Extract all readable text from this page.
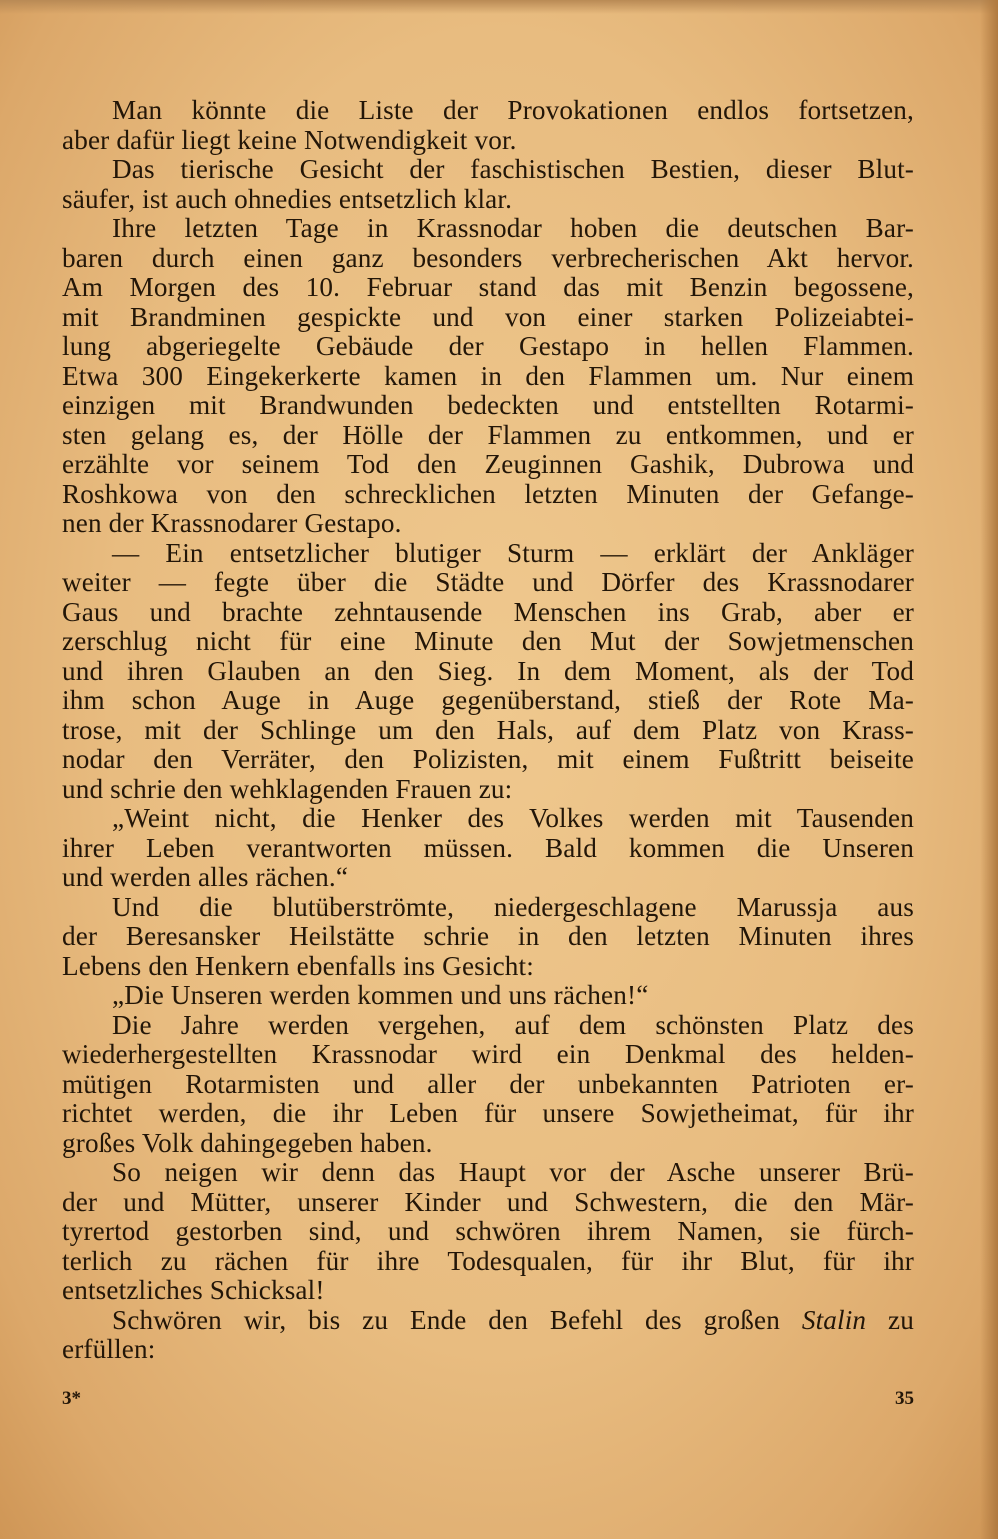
Man könnte die Liste der Provokationen endlos fortsetzen,
aber dafür liegt keine Notwendigkeit vor.
Das tierische Gesicht der faschistischen Bestien, dieser Blut-
säufer, ist auch ohnedies entsetzlich klar.
Ihre letzten Tage in Krassnodar hoben die deutschen Bar-
baren durch einen ganz besonders verbrecherischen Akt hervor.
Am Morgen des 10. Februar stand das mit Benzin begossene,
mit Brandminen gespickte und von einer starken Polizeiabtei-
lung abgeriegelte Gebäude der Gestapo in hellen Flammen.
Etwa 300 Eingekerkerte kamen in den Flammen um. Nur einem
einzigen mit Brandwunden bedeckten und entstellten Rotarmi-
sten gelang es, der Hölle der Flammen zu entkommen, und er
erzählte vor seinem Tod den Zeuginnen Gashik, Dubrowa und
Roshkowa von den schrecklichen letzten Minuten der Gefange-
nen der Krassnodarer Gestapo.
— Ein entsetzlicher blutiger Sturm — erklärt der Ankläger
weiter — fegte über die Städte und Dörfer des Krassnodarer
Gaus und brachte zehntausende Menschen ins Grab, aber er
zerschlug nicht für eine Minute den Mut der Sowjetmenschen
und ihren Glauben an den Sieg. In dem Moment, als der Tod
ihm schon Auge in Auge gegenüberstand, stieß der Rote Ma-
trose, mit der Schlinge um den Hals, auf dem Platz von Krass-
nodar den Verräter, den Polizisten, mit einem Fußtritt beiseite
und schrie den wehklagenden Frauen zu:
„Weint nicht, die Henker des Volkes werden mit Tausenden
ihrer Leben verantworten müssen. Bald kommen die Unseren
und werden alles rächen.“
Und die blutüberströmte, niedergeschlagene Marussja aus
der Beresansker Heilstätte schrie in den letzten Minuten ihres
Lebens den Henkern ebenfalls ins Gesicht:
„Die Unseren werden kommen und uns rächen!“
Die Jahre werden vergehen, auf dem schönsten Platz des
wiederhergestellten Krassnodar wird ein Denkmal des helden-
mütigen Rotarmisten und aller der unbekannten Patrioten er-
richtet werden, die ihr Leben für unsere Sowjetheimat, für ihr
großes Volk dahingegeben haben.
So neigen wir denn das Haupt vor der Asche unserer Brü-
der und Mütter, unserer Kinder und Schwestern, die den Mär-
tyrertod gestorben sind, und schwören ihrem Namen, sie fürch-
terlich zu rächen für ihre Todesqualen, für ihr Blut, für ihr
entsetzliches Schicksal!
Schwören wir, bis zu Ende den Befehl des großen Stalin zu
erfüllen:
3*	35
